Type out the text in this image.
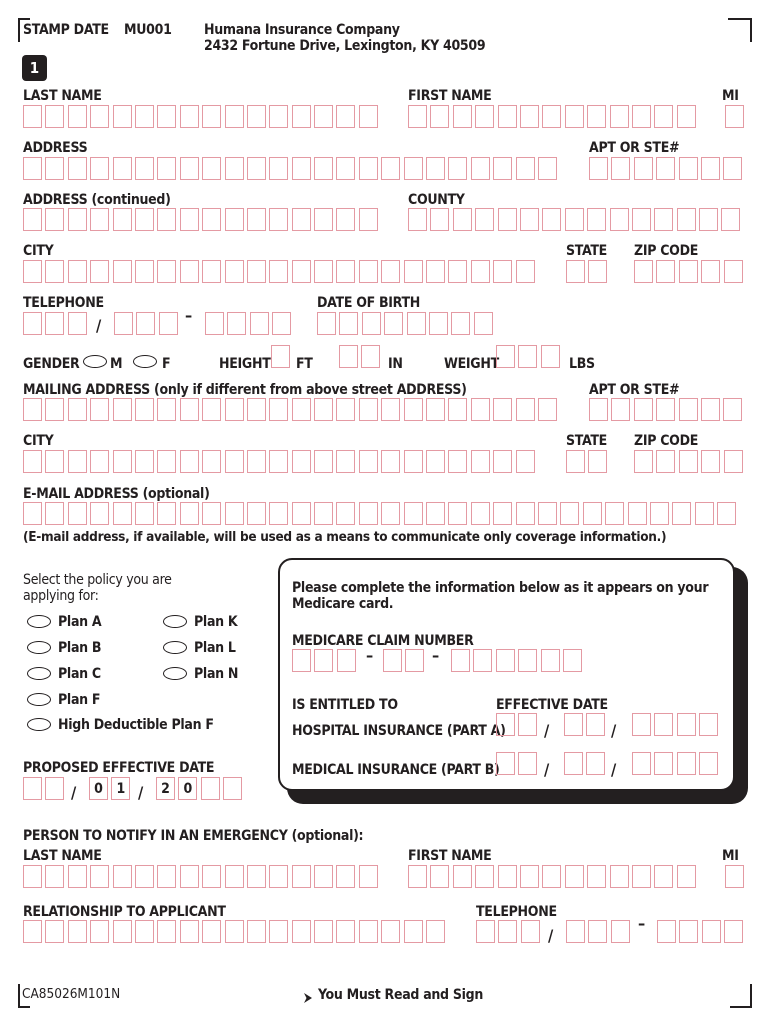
STAMP DATE MU001 Humana Insurance Company
2432 Fortune Drive, Lexington, KY 40509
1
LAST NAME	FIRST NAME	MI
ADDRESS	APT OR STE#
ADDRESS (continued)	COUNTY
CITY	STATE ZIP CODE
TELEPHONE	DATE OF BIRTH
/
–
GENDER M	F	HEIGHT FT	IN	WEIGHT	LBS
MAILING ADDRESS (only if different from above street ADDRESS)	APT OR STE#
CITY	STATE ZIP CODE
E-MAIL ADDRESS (optional)
(E-mail address, if available, will be used as a means to communicate only coverage information.)
Select the policy you are
applying for:
Plan A	Plan K
Plan B	Plan L
Plan C	Plan N
Plan F
High Deductible Plan F
PROPOSED EFFECTIVE DATE
/	0 1 /	2 0
Please complete the information below as it appears on your
Medicare card.
MEDICARE CLAIM NUMBER
–	–
IS ENTITLED TO	EFFECTIVE DATE
HOSPITAL INSURANCE (PART A) /	/
MEDICAL INSURANCE (PART B)	/	/
PERSON TO NOTIFY IN AN EMERGENCY (optional):
LAST NAME	FIRST NAME	MI
RELATIONSHIP TO APPLICANT	TELEPHONE
/
–
CA85026M101N	You Must Read and Sign
